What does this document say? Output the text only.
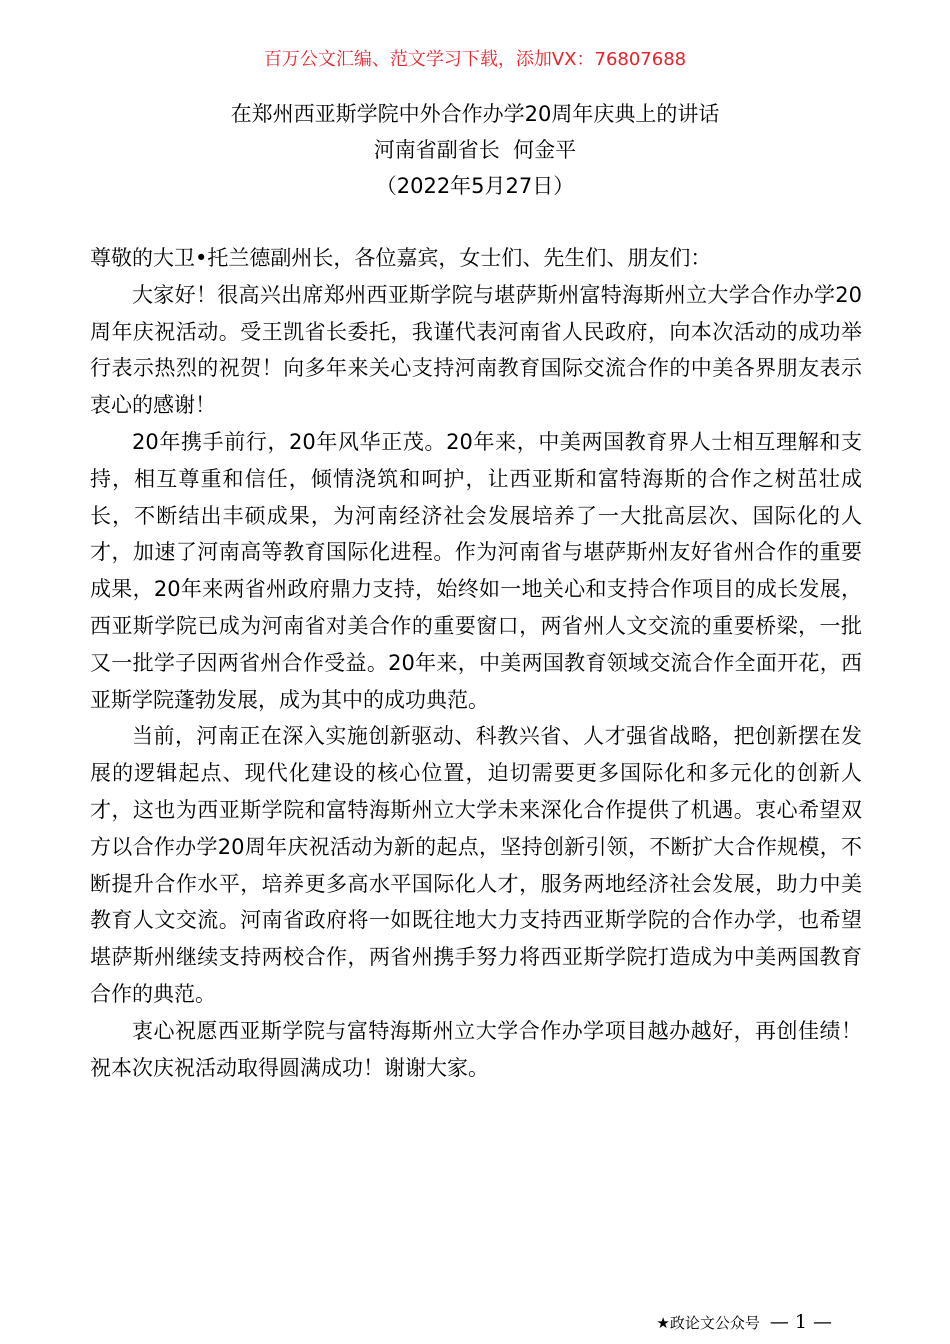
百万公文汇编、范文学习下载，添加VX：76807688
在郑州西亚斯学院中外合作办学20周年庆典上的讲话
河南省副省长  何金平
（2022年5月27日）

尊敬的大卫•托兰德副州长，各位嘉宾，女士们、先生们、朋友们：

大家好！很高兴出席郑州西亚斯学院与堪萨斯州富特海斯州立大学合作办学20周年庆祝活动。受王凯省长委托，我谨代表河南省人民政府，向本次活动的成功举行表示热烈的祝贺！向多年来关心支持河南教育国际交流合作的中美各界朋友表示衷心的感谢！

20年携手前行，20年风华正茂。20年来，中美两国教育界人士相互理解和支持，相互尊重和信任，倾情浇筑和呵护，让西亚斯和富特海斯的合作之树茁壮成长，不断结出丰硕成果，为河南经济社会发展培养了一大批高层次、国际化的人才，加速了河南高等教育国际化进程。作为河南省与堪萨斯州友好省州合作的重要成果，20年来两省州政府鼎力支持，始终如一地关心和支持合作项目的成长发展，西亚斯学院已成为河南省对美合作的重要窗口，两省州人文交流的重要桥梁，一批又一批学子因两省州合作受益。20年来，中美两国教育领域交流合作全面开花，西亚斯学院蓬勃发展，成为其中的成功典范。

当前，河南正在深入实施创新驱动、科教兴省、人才强省战略，把创新摆在发展的逻辑起点、现代化建设的核心位置，迫切需要更多国际化和多元化的创新人才，这也为西亚斯学院和富特海斯州立大学未来深化合作提供了机遇。衷心希望双方以合作办学20周年庆祝活动为新的起点，坚持创新引领，不断扩大合作规模，不断提升合作水平，培养更多高水平国际化人才，服务两地经济社会发展，助力中美教育人文交流。河南省政府将一如既往地大力支持西亚斯学院的合作办学，也希望堪萨斯州继续支持两校合作，两省州携手努力将西亚斯学院打造成为中美两国教育合作的典范。

衷心祝愿西亚斯学院与富特海斯州立大学合作办学项目越办越好，再创佳绩！祝本次庆祝活动取得圆满成功！谢谢大家。

★政论文公众号 — 1 —
